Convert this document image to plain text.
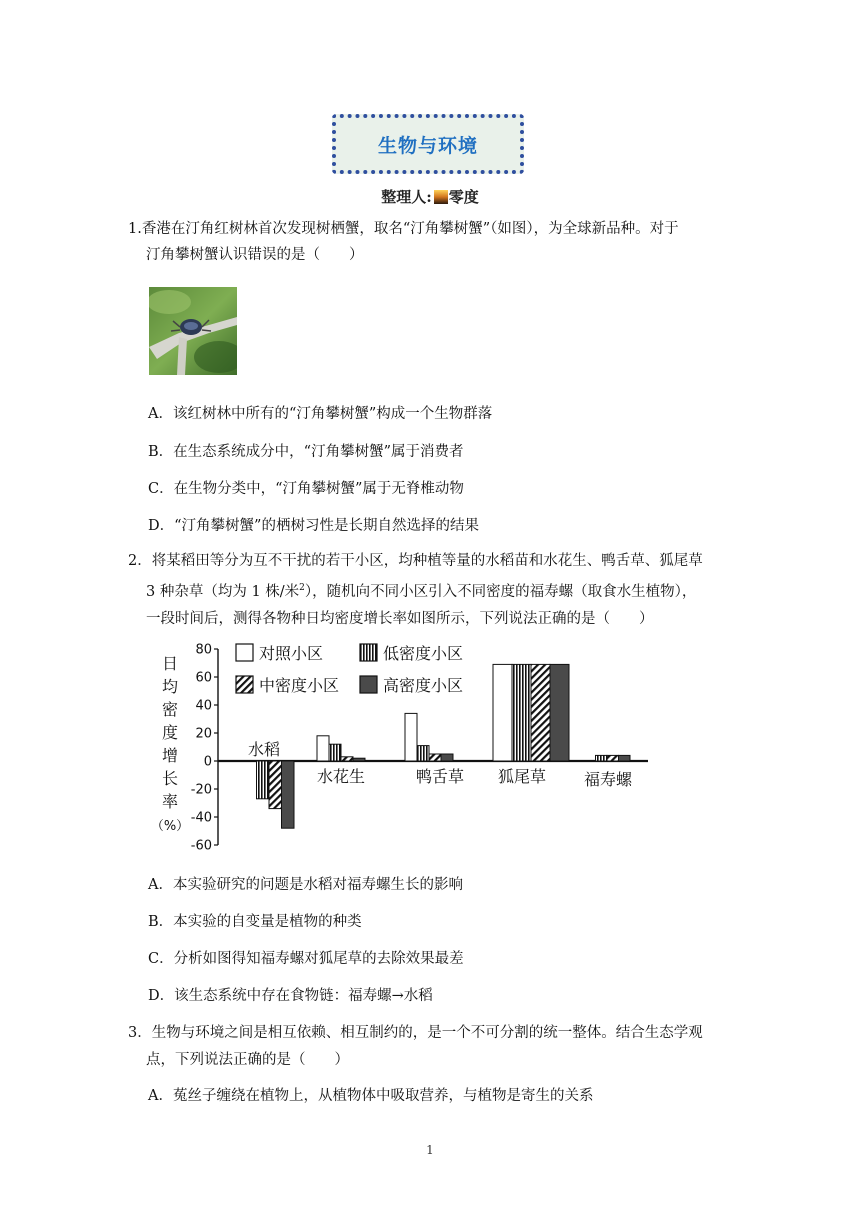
生物与环境
整理人: 零度
1.香港在汀角红树林首次发现树栖蟹，取名“汀角攀树蟹”（如图），为全球新品种。对于
汀角攀树蟹认识错误的是（　　）
A．该红树林中所有的“汀角攀树蟹”构成一个生物群落
B．在生态系统成分中，“汀角攀树蟹”属于消费者
C．在生物分类中，“汀角攀树蟹”属于无脊椎动物
D．“汀角攀树蟹”的栖树习性是长期自然选择的结果
2．将某稻田等分为互不干扰的若干小区，均种植等量的水稻苗和水花生、鸭舌草、狐尾草
3 种杂草（均为 1 株/米$^2$），随机向不同小区引入不同密度的福寿螺（取食水生植物），
一段时间后，测得各物种日均密度增长率如图所示，下列说法正确的是（　　）
80
60
40
20
0
-20
-40
-60
日
均
密
度
增
长
率
（%）
水稻
水花生	鸭舌草 狐尾草 福寿螺
对照小区	低密度小区
中密度小区	高密度小区
A．本实验研究的问题是水稻对福寿螺生长的影响
B．本实验的自变量是植物的种类
C．分析如图得知福寿螺对狐尾草的去除效果最差
D．该生态系统中存在食物链：福寿螺→水稻
3．生物与环境之间是相互依赖、相互制约的，是一个不可分割的统一整体。结合生态学观
点，下列说法正确的是（　　）
A．菟丝子缠绕在植物上，从植物体中吸取营养，与植物是寄生的关系
1
